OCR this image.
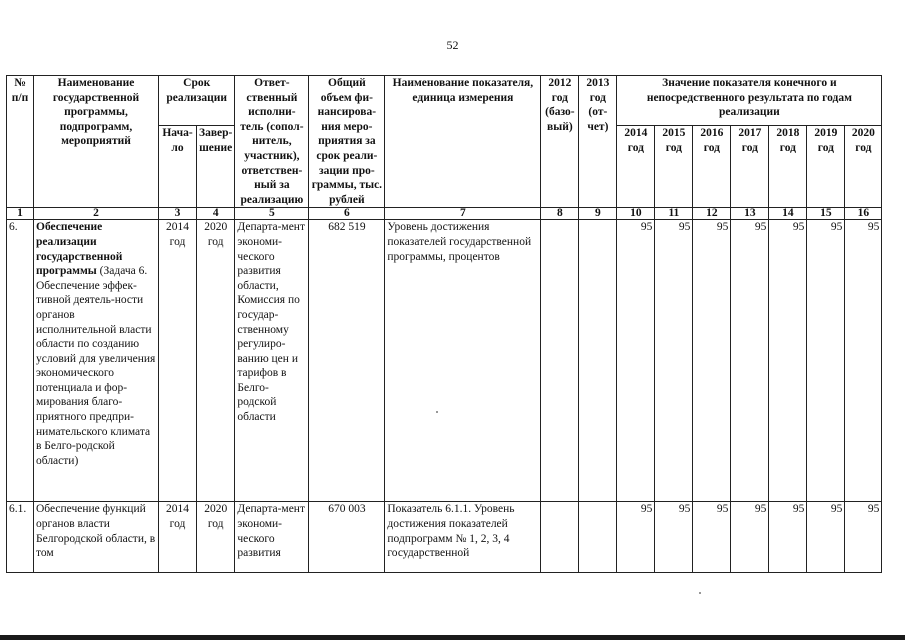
52
№ п/п	Наименование государственной программы, подпрограмм, мероприятий	Срок реализации		Ответ-ственный исполни-тель (сопол-нитель, участник), ответствен-ный за реализацию	Общий объем фи-нансирова-ния меро-приятия за срок реали-зации про-граммы, тыс. рублей	Наименование показателя, единица измерения	2012 год (базо-вый)	2013 год (от-чет)	Значение показателя конечного и непосредственного результата по годам реализации						
		Нача-ло	Завер-шение						2014 год	2015 год	2016 год	2017 год	2018 год	2019 год	2020 год
1	2	3	4	5	6	7	8	9	10	11	12	13	14	15	16
6.	Обеспечение реализации государственной программы (Задача 6. Обеспечение эффек-тивной деятель-ности органов исполнительной власти области по созданию условий для увеличения экономического потенциала и фор-мирования благо-приятного предпри-нимательского климата в Белго-родской области)	2014 год	2020 год	Департа-мент экономи-ческого развития области, Комиссия по государ-ственному регулиро-ванию цен и тарифов в Белго-родской области	682 519	Уровень достижения показателей государственной программы, процентов			95	95	95	95	95	95	95
6.1.	Обеспечение функций органов власти Белгородской области, в том	2014 год	2020 год	Департа-мент экономи-ческого развития	670 003	Показатель 6.1.1. Уровень достижения показателей подпрограмм № 1, 2, 3, 4 государственной			95	95	95	95	95	95	95
